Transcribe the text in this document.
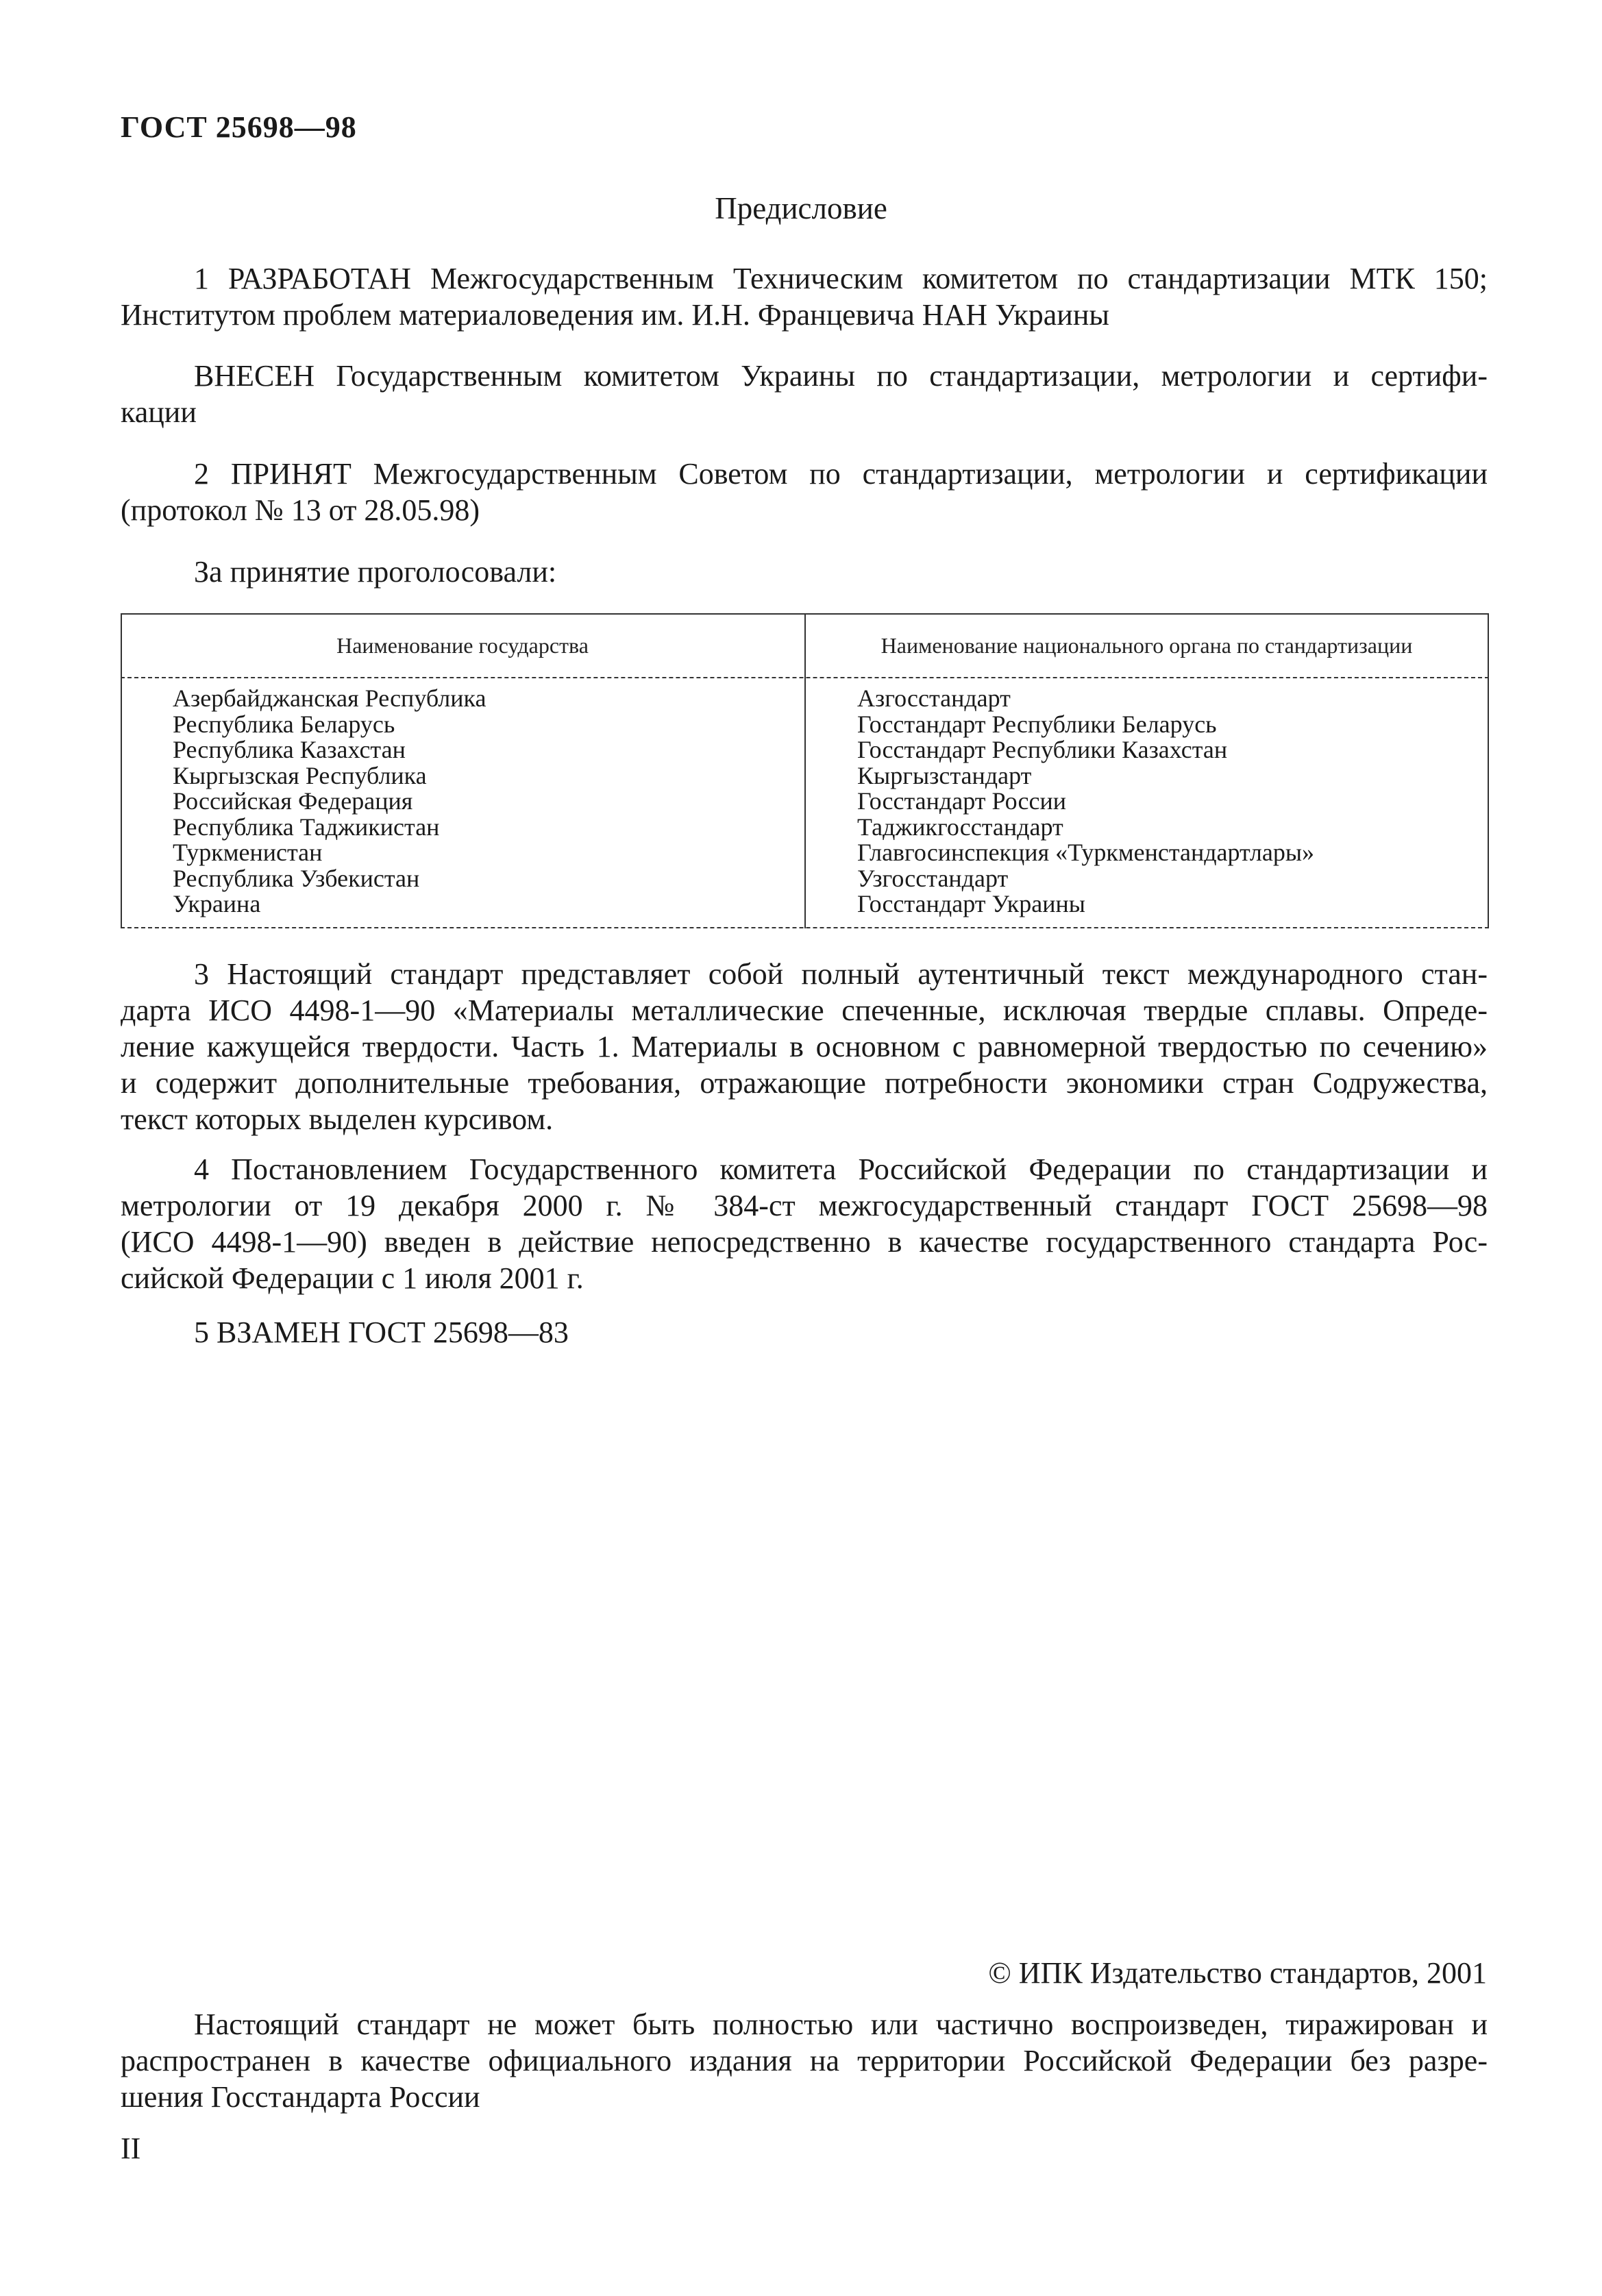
ГОСТ 25698—98
Предисловие
1 РАЗРАБОТАН Межгосударственным Техническим комитетом по стандартизации МТК 150;
Институтом проблем материаловедения им. И.Н. Францевича НАН Украины
ВНЕСЕН Государственным комитетом Украины по стандартизации, метрологии и сертифи-
кации
2 ПРИНЯТ Межгосударственным Советом по стандартизации, метрологии и сертификации
(протокол № 13 от 28.05.98)
За принятие проголосовали:
Наименование государства	Наименование национального органа по стандартизации
Азербайджанская Республика
Республика Беларусь
Республика Казахстан
Кыргызская Республика
Российская Федерация
Республика Таджикистан
Туркменистан
Республика Узбекистан
Украина
Азгосстандарт
Госстандарт Республики Беларусь
Госстандарт Республики Казахстан
Кыргызстандарт
Госстандарт России
Таджикгосстандарт
Главгосинспекция «Туркменстандартлары»
Узгосстандарт
Госстандарт Украины
3 Настоящий стандарт представляет собой полный аутентичный текст международного стан-
дарта ИСО 4498-1—90 «Материалы металлические спеченные, исключая твердые сплавы. Опреде-
ление кажущейся твердости. Часть 1. Материалы в основном с равномерной твердостью по сечению»
и содержит дополнительные требования, отражающие потребности экономики стран Содружества,
текст которых выделен курсивом.
4 Постановлением Государственного комитета Российской Федерации по стандартизации и
метрологии от 19 декабря 2000 г. № 384-ст межгосударственный стандарт ГОСТ 25698—98
(ИСО 4498-1—90) введен в действие непосредственно в качестве государственного стандарта Рос-
сийской Федерации с 1 июля 2001 г.
5 ВЗАМЕН ГОСТ 25698—83
© ИПК Издательство стандартов, 2001
Настоящий стандарт не может быть полностью или частично воспроизведен, тиражирован и
распространен в качестве официального издания на территории Российской Федерации без разре-
шения Госстандарта России
II
